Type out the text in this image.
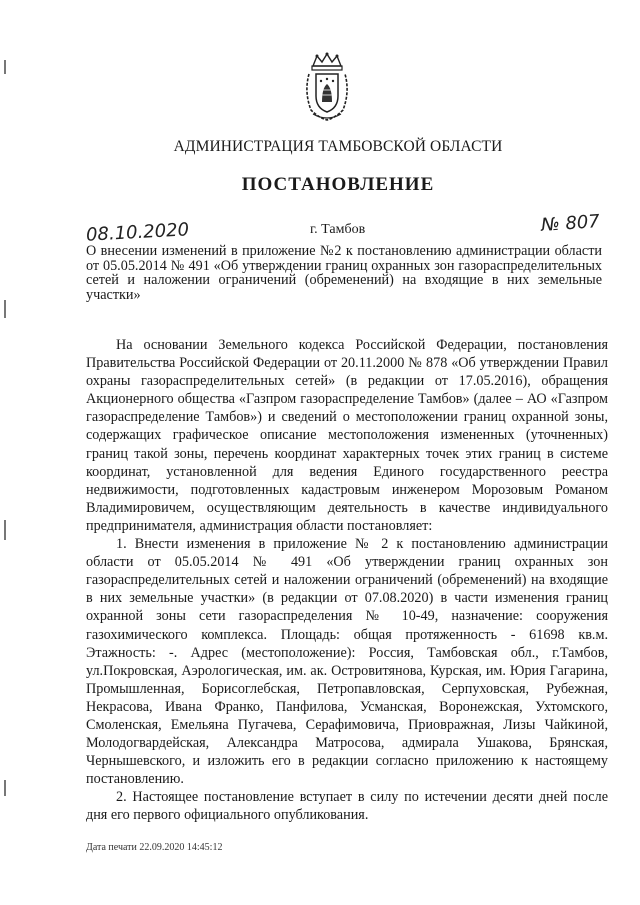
АДМИНИСТРАЦИЯ ТАМБОВСКОЙ ОБЛАСТИ
ПОСТАНОВЛЕНИЕ
08.10.2020	г. Тамбов	№ 807
О внесении изменений в приложение №2 к постановлению администрации области от 05.05.2014 № 491 «Об утверждении границ охранных зон газораспределительных сетей и наложении ограничений (обременений) на входящие в них земельные участки»

На основании Земельного кодекса Российской Федерации, постановления Правительства Российской Федерации от 20.11.2000 № 878 «Об утверждении Правил охраны газораспределительных сетей» (в редакции от 17.05.2016), обращения Акционерного общества «Газпром газораспределение Тамбов» (далее – АО «Газпром газораспределение Тамбов») и сведений о местоположении границ охранной зоны, содержащих графическое описание местоположения измененных (уточненных) границ такой зоны, перечень координат характерных точек этих границ в системе координат, установленной для ведения Единого государственного реестра недвижимости, подготовленных кадастровым инженером Морозовым Романом Владимировичем, осуществляющим деятельность в качестве индивидуального предпринимателя, администрация области постановляет:

1. Внести изменения в приложение № 2 к постановлению администрации области от 05.05.2014 № 491 «Об утверждении границ охранных зон газораспределительных сетей и наложении ограничений (обременений) на входящие в них земельные участки» (в редакции от 07.08.2020) в части изменения границ охранной зоны сети газораспределения № 10-49, назначение: сооружения газохимического комплекса. Площадь: общая протяженность - 61698 кв.м. Этажность: -. Адрес (местоположение): Россия, Тамбовская обл., г.Тамбов, ул.Покровская, Аэрологическая, им. ак. Островитянова, Курская, им. Юрия Гагарина, Промышленная, Борисоглебская, Петропавловская, Серпуховская, Рубежная, Некрасова, Ивана Франко, Панфилова, Усманская, Воронежская, Ухтомского, Смоленская, Емельяна Пугачева, Серафимовича, Приовражная, Лизы Чайкиной, Молодогвардейская, Александра Матросова, адмирала Ушакова, Брянская, Чернышевского, и изложить его в редакции согласно приложению к настоящему постановлению.

2. Настоящее постановление вступает в силу по истечении десяти дней после дня его первого официального опубликования.

Дата печати 22.09.2020 14:45:12
